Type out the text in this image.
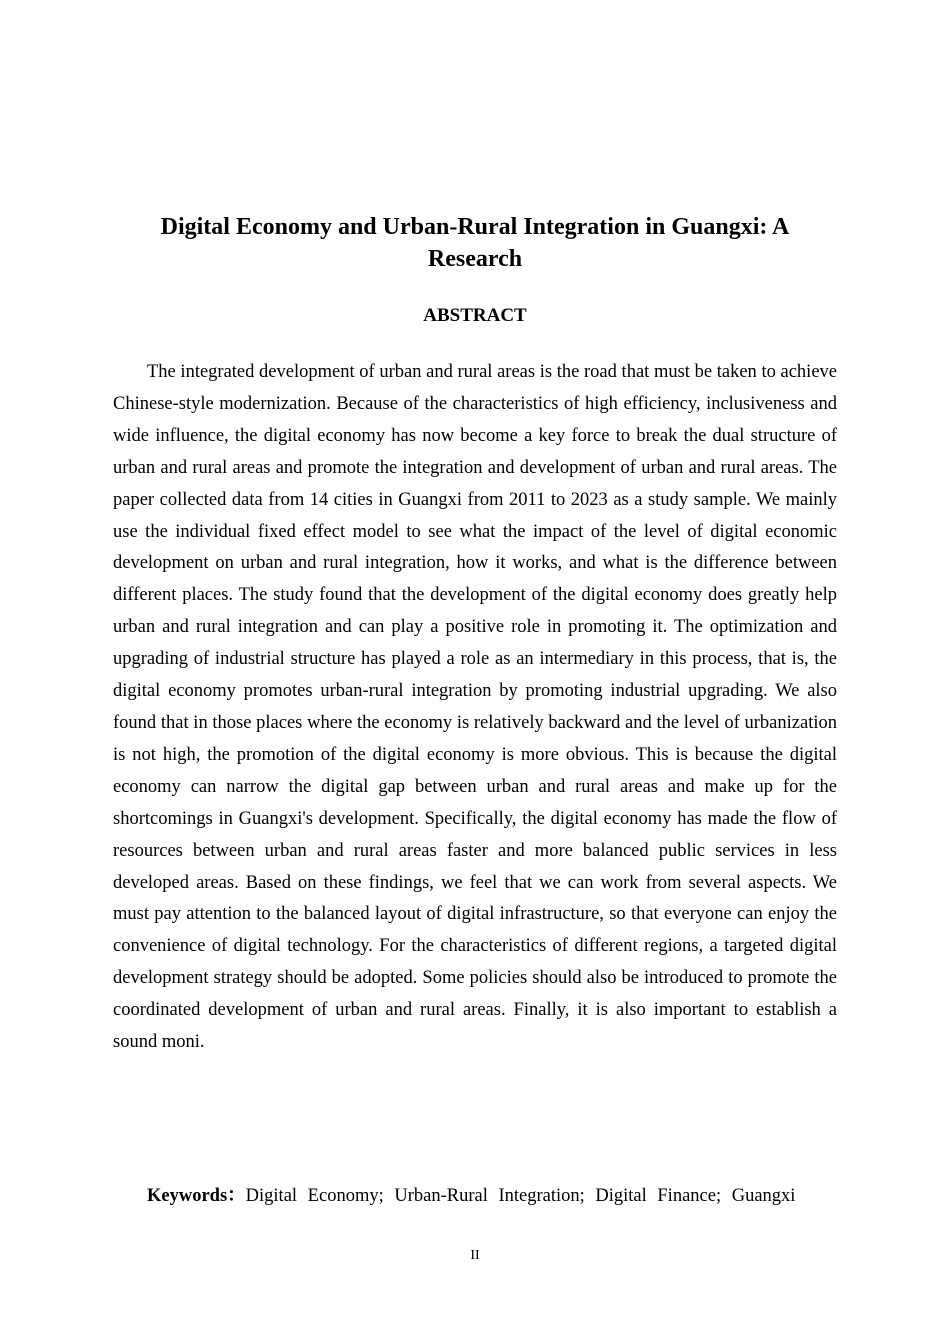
Digital Economy and Urban-Rural Integration in Guangxi: A Research
ABSTRACT

The integrated development of urban and rural areas is the road that must be taken to achieve Chinese-style modernization. Because of the characteristics of high efficiency, inclusiveness and wide influence, the digital economy has now become a key force to break the dual structure of urban and rural areas and promote the integration and development of urban and rural areas. The paper collected data from 14 cities in Guangxi from 2011 to 2023 as a study sample. We mainly use the individual fixed effect model to see what the impact of the level of digital economic development on urban and rural integration, how it works, and what is the difference between different places. The study found that the development of the digital economy does greatly help urban and rural integration and can play a positive role in promoting it. The optimization and upgrading of industrial structure has played a role as an intermediary in this process, that is, the digital economy promotes urban-rural integration by promoting industrial upgrading. We also found that in those places where the economy is relatively backward and the level of urbanization is not high, the promotion of the digital economy is more obvious. This is because the digital economy can narrow the digital gap between urban and rural areas and make up for the shortcomings in Guangxi's development. Specifically, the digital economy has made the flow of resources between urban and rural areas faster and more balanced public services in less developed areas. Based on these findings, we feel that we can work from several aspects. We must pay attention to the balanced layout of digital infrastructure, so that everyone can enjoy the convenience of digital technology. For the characteristics of different regions, a targeted digital development strategy should be adopted. Some policies should also be introduced to promote the coordinated development of urban and rural areas. Finally, it is also important to establish a sound moni.

Keywords：Digital Economy; Urban-Rural Integration; Digital Finance; Guangxi

II
